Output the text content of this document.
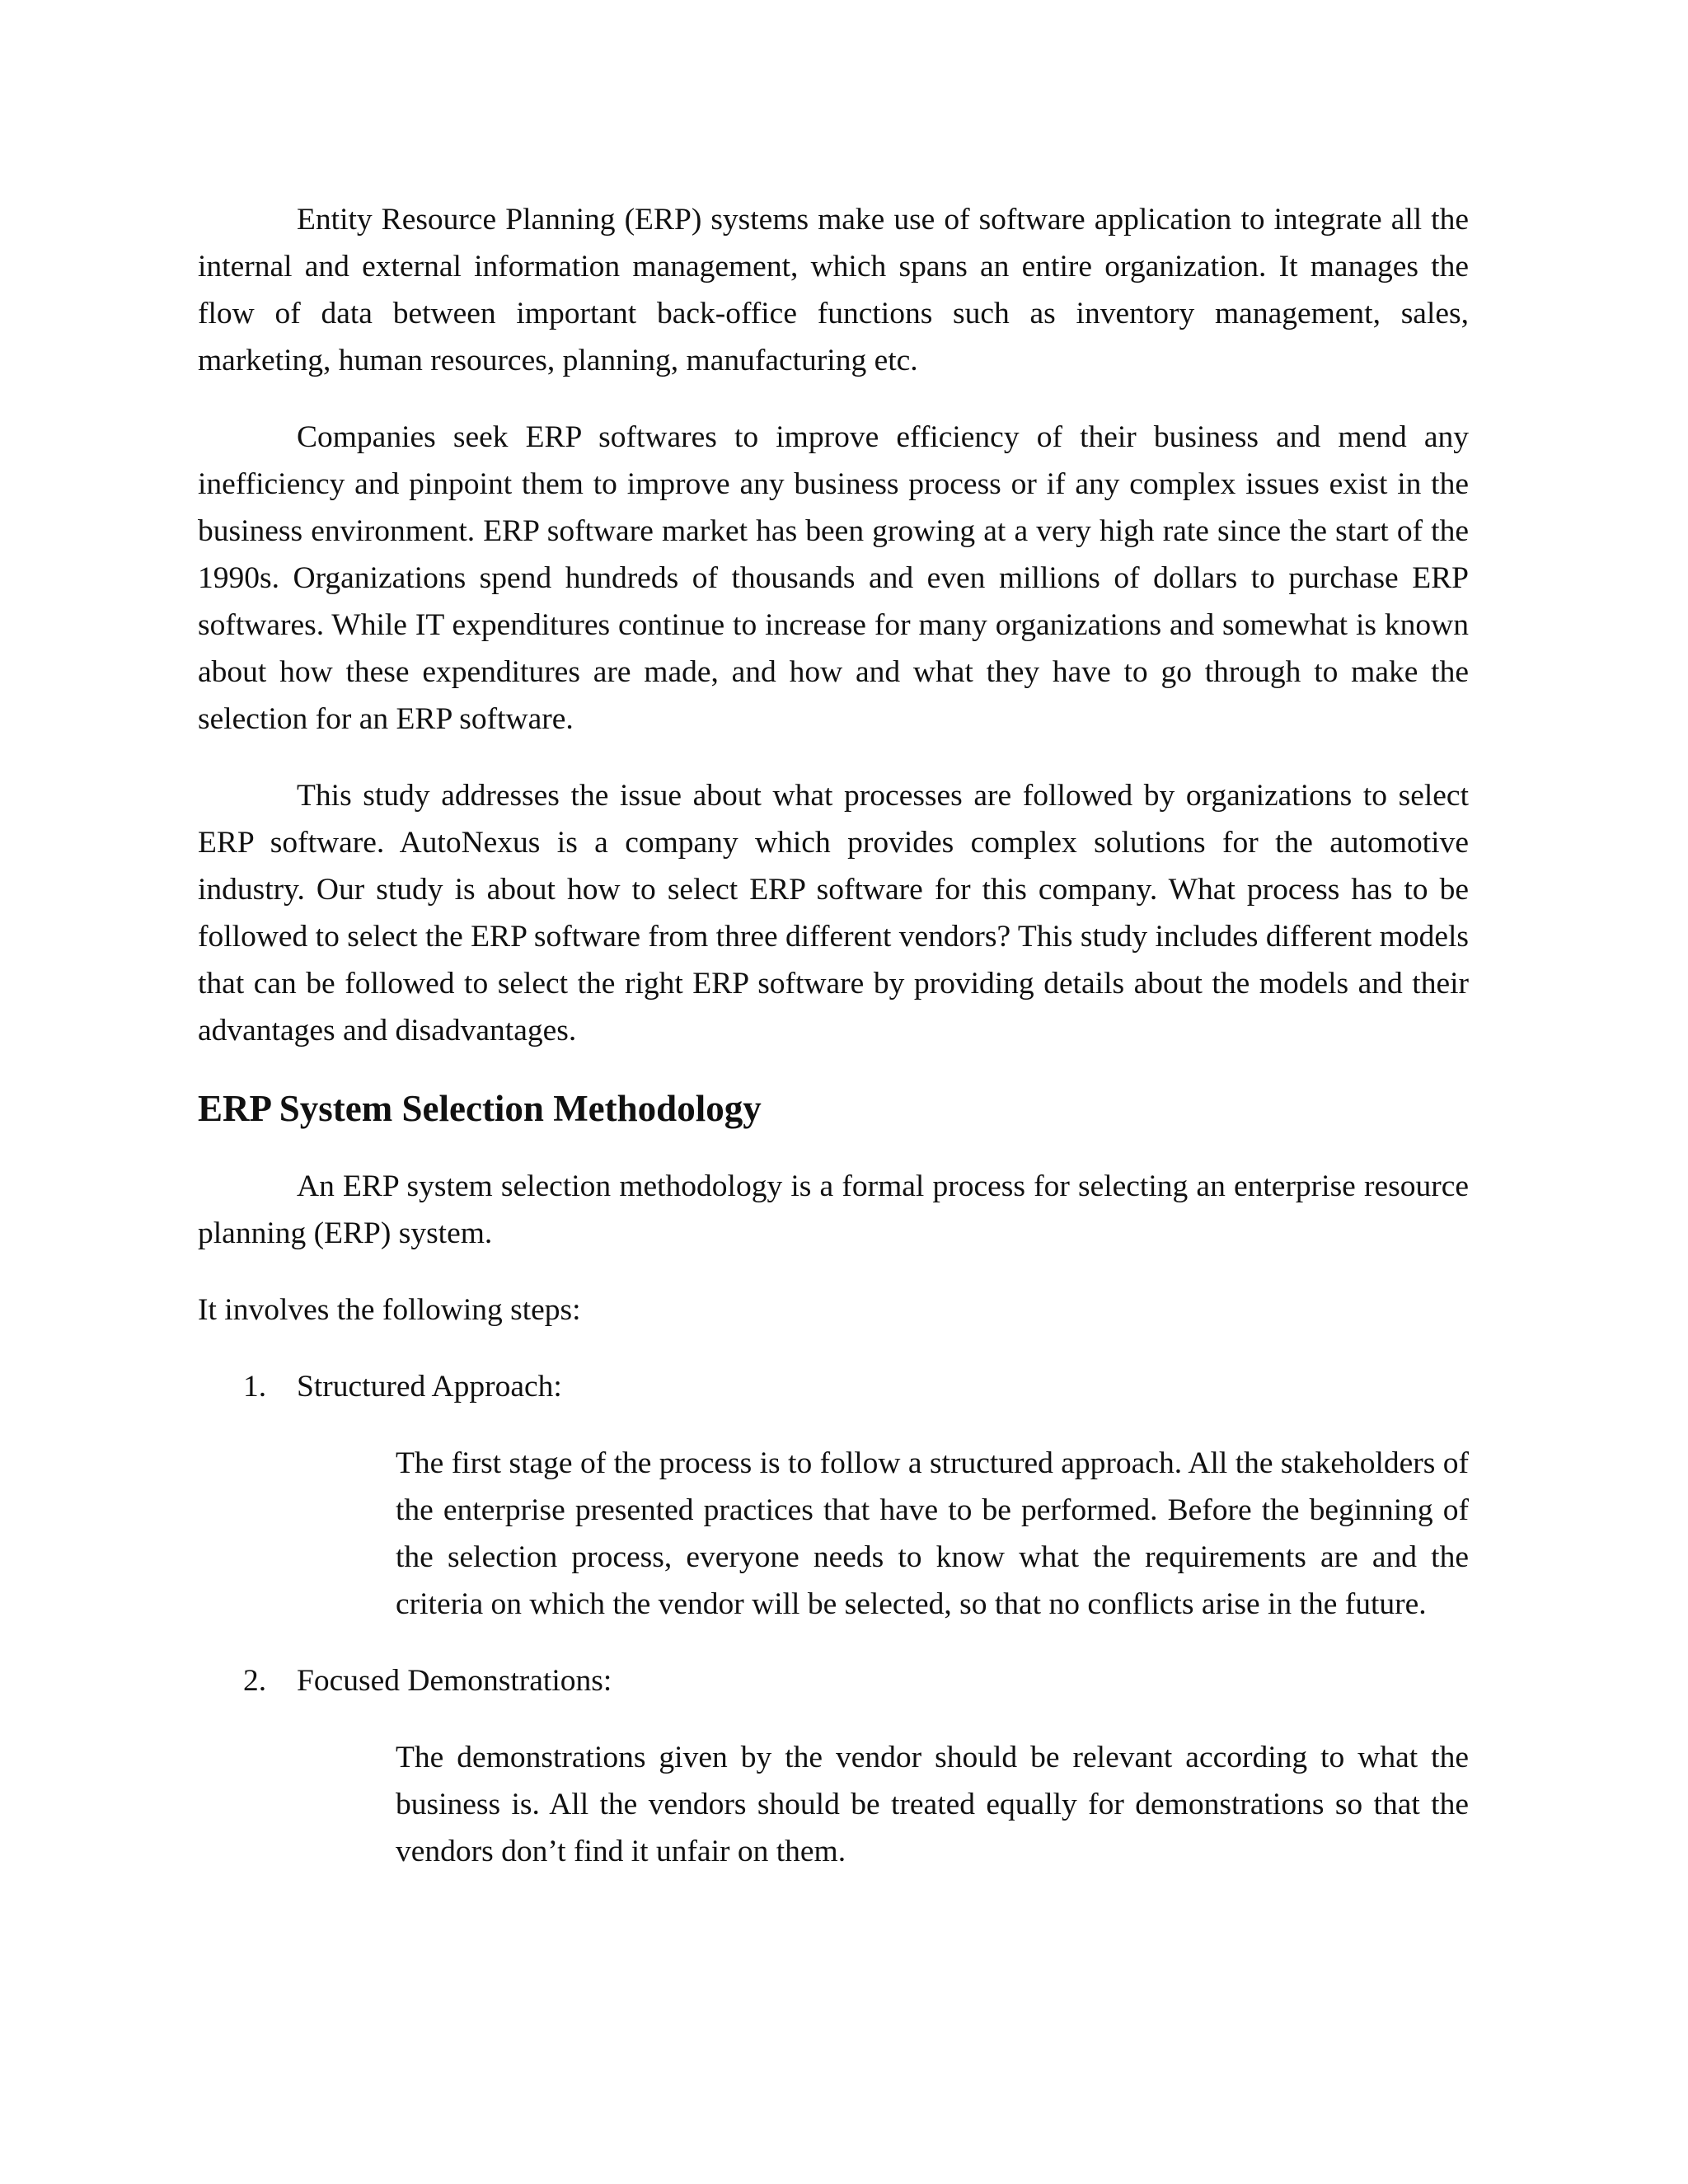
Entity Resource Planning (ERP) systems make use of software application to integrate all the internal and external information management, which spans an entire organization. It manages the flow of data between important back-office functions such as inventory management, sales, marketing, human resources, planning, manufacturing etc.

Companies seek ERP softwares to improve efficiency of their business and mend any inefficiency and pinpoint them to improve any business process or if any complex issues exist in the business environment. ERP software market has been growing at a very high rate since the start of the 1990s. Organizations spend hundreds of thousands and even millions of dollars to purchase ERP softwares. While IT expenditures continue to increase for many organizations and somewhat is known about how these expenditures are made, and how and what they have to go through to make the selection for an ERP software.

This study addresses the issue about what processes are followed by organizations to select ERP software. AutoNexus is a company which provides complex solutions for the automotive industry. Our study is about how to select ERP software for this company. What process has to be followed to select the ERP software from three different vendors? This study includes different models that can be followed to select the right ERP software by providing details about the models and their advantages and disadvantages.

ERP System Selection Methodology

An ERP system selection methodology is a formal process for selecting an enterprise resource planning (ERP) system.

It involves the following steps:

1. Structured Approach:

The first stage of the process is to follow a structured approach. All the stakeholders of the enterprise presented practices that have to be performed. Before the beginning of the selection process, everyone needs to know what the requirements are and the criteria on which the vendor will be selected, so that no conflicts arise in the future.

2. Focused Demonstrations:

The demonstrations given by the vendor should be relevant according to what the business is. All the vendors should be treated equally for demonstrations so that the vendors don’t find it unfair on them.
